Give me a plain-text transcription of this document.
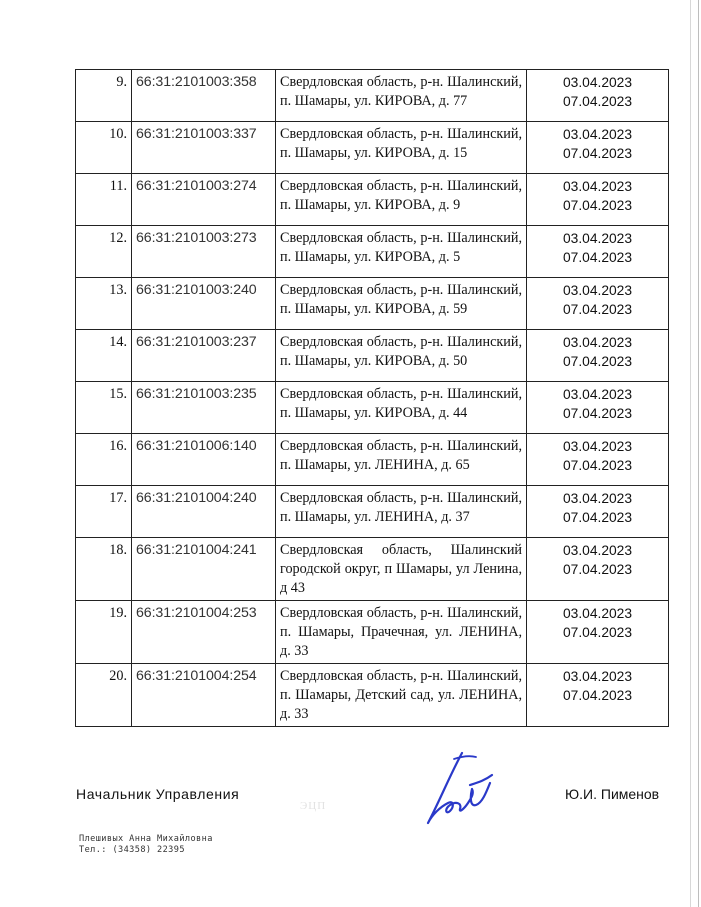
9.	66:31:2101003:358	Свердловская область, р-н. Шалинский, п. Шамары, ул. КИРОВА, д. 77	03.04.2023
07.04.2023

10.	66:31:2101003:337	Свердловская область, р-н. Шалинский, п. Шамары, ул. КИРОВА, д. 15	03.04.2023
07.04.2023

11.	66:31:2101003:274	Свердловская область, р-н. Шалинский, п. Шамары, ул. КИРОВА, д. 9	03.04.2023
07.04.2023

12.	66:31:2101003:273	Свердловская область, р-н. Шалинский, п. Шамары, ул. КИРОВА, д. 5	03.04.2023
07.04.2023

13.	66:31:2101003:240	Свердловская область, р-н. Шалинский, п. Шамары, ул. КИРОВА, д. 59	03.04.2023
07.04.2023

14.	66:31:2101003:237	Свердловская область, р-н. Шалинский, п. Шамары, ул. КИРОВА, д. 50	03.04.2023
07.04.2023

15.	66:31:2101003:235	Свердловская область, р-н. Шалинский, п. Шамары, ул. КИРОВА, д. 44	03.04.2023
07.04.2023

16.	66:31:2101006:140	Свердловская область, р-н. Шалинский, п. Шамары, ул. ЛЕНИНА, д. 65	03.04.2023
07.04.2023

17.	66:31:2101004:240	Свердловская область, р-н. Шалинский, п. Шамары, ул. ЛЕНИНА, д. 37	03.04.2023
07.04.2023

18.	66:31:2101004:241	Свердловская область, Шалинский городской округ, п Шамары, ул Ленина, д 43	03.04.2023
07.04.2023

19.	66:31:2101004:253	Свердловская область, р-н. Шалинский, п. Шамары, Прачечная, ул. ЛЕНИНА, д. 33	03.04.2023
07.04.2023

20.	66:31:2101004:254	Свердловская область, р-н. Шалинский, п. Шамары, Детский сад, ул. ЛЕНИНА, д. 33	03.04.2023
07.04.2023
Начальник Управления
ЭЦП
Ю.И. Пименов
Плешивых Анна Михайловна
Тел.: (34358) 22395
